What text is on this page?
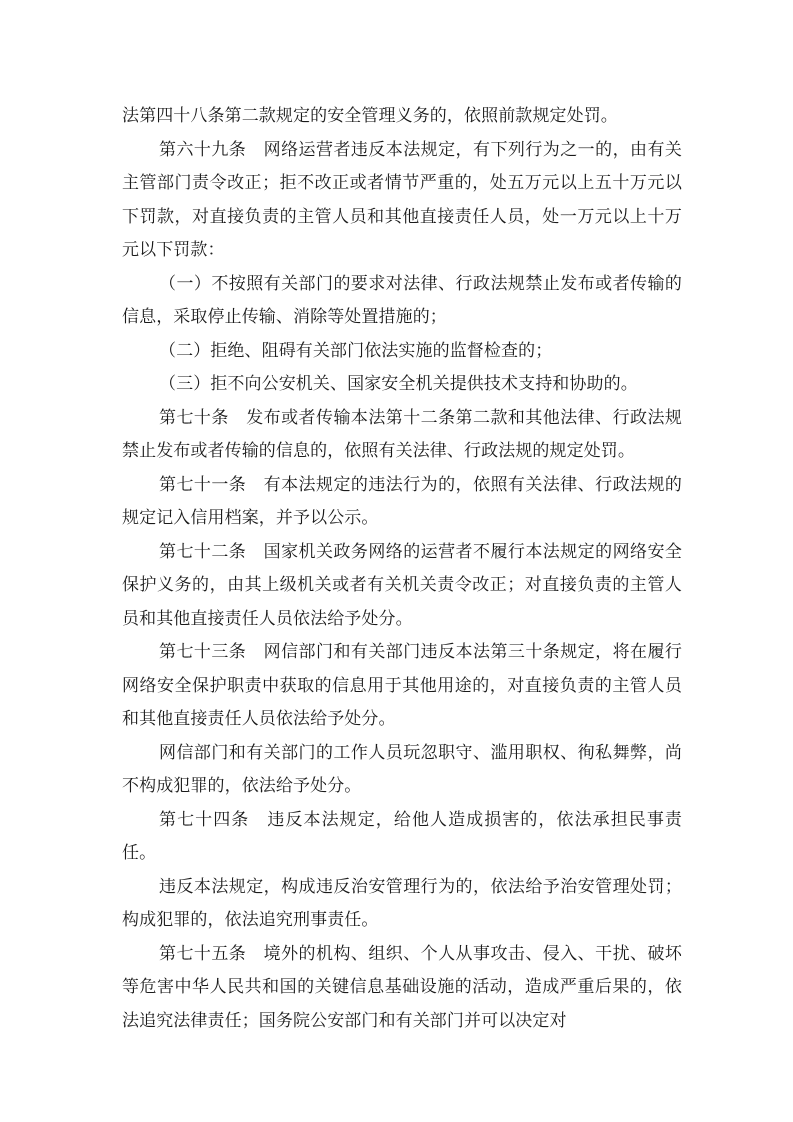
法第四十八条第二款规定的安全管理义务的，依照前款规定处罚。

第六十九条　网络运营者违反本法规定，有下列行为之一的，由有关主管部门责令改正；拒不改正或者情节严重的，处五万元以上五十万元以下罚款，对直接负责的主管人员和其他直接责任人员，处一万元以上十万元以下罚款：

（一）不按照有关部门的要求对法律、行政法规禁止发布或者传输的信息，采取停止传输、消除等处置措施的；

（二）拒绝、阻碍有关部门依法实施的监督检查的；

（三）拒不向公安机关、国家安全机关提供技术支持和协助的。

第七十条　发布或者传输本法第十二条第二款和其他法律、行政法规禁止发布或者传输的信息的，依照有关法律、行政法规的规定处罚。

第七十一条　有本法规定的违法行为的，依照有关法律、行政法规的规定记入信用档案，并予以公示。

第七十二条　国家机关政务网络的运营者不履行本法规定的网络安全保护义务的，由其上级机关或者有关机关责令改正；对直接负责的主管人员和其他直接责任人员依法给予处分。

第七十三条　网信部门和有关部门违反本法第三十条规定，将在履行网络安全保护职责中获取的信息用于其他用途的，对直接负责的主管人员和其他直接责任人员依法给予处分。

网信部门和有关部门的工作人员玩忽职守、滥用职权、徇私舞弊，尚不构成犯罪的，依法给予处分。

第七十四条　违反本法规定，给他人造成损害的，依法承担民事责任。

违反本法规定，构成违反治安管理行为的，依法给予治安管理处罚；构成犯罪的，依法追究刑事责任。

第七十五条　境外的机构、组织、个人从事攻击、侵入、干扰、破坏等危害中华人民共和国的关键信息基础设施的活动，造成严重后果的，依法追究法律责任；国务院公安部门和有关部门并可以决定对
